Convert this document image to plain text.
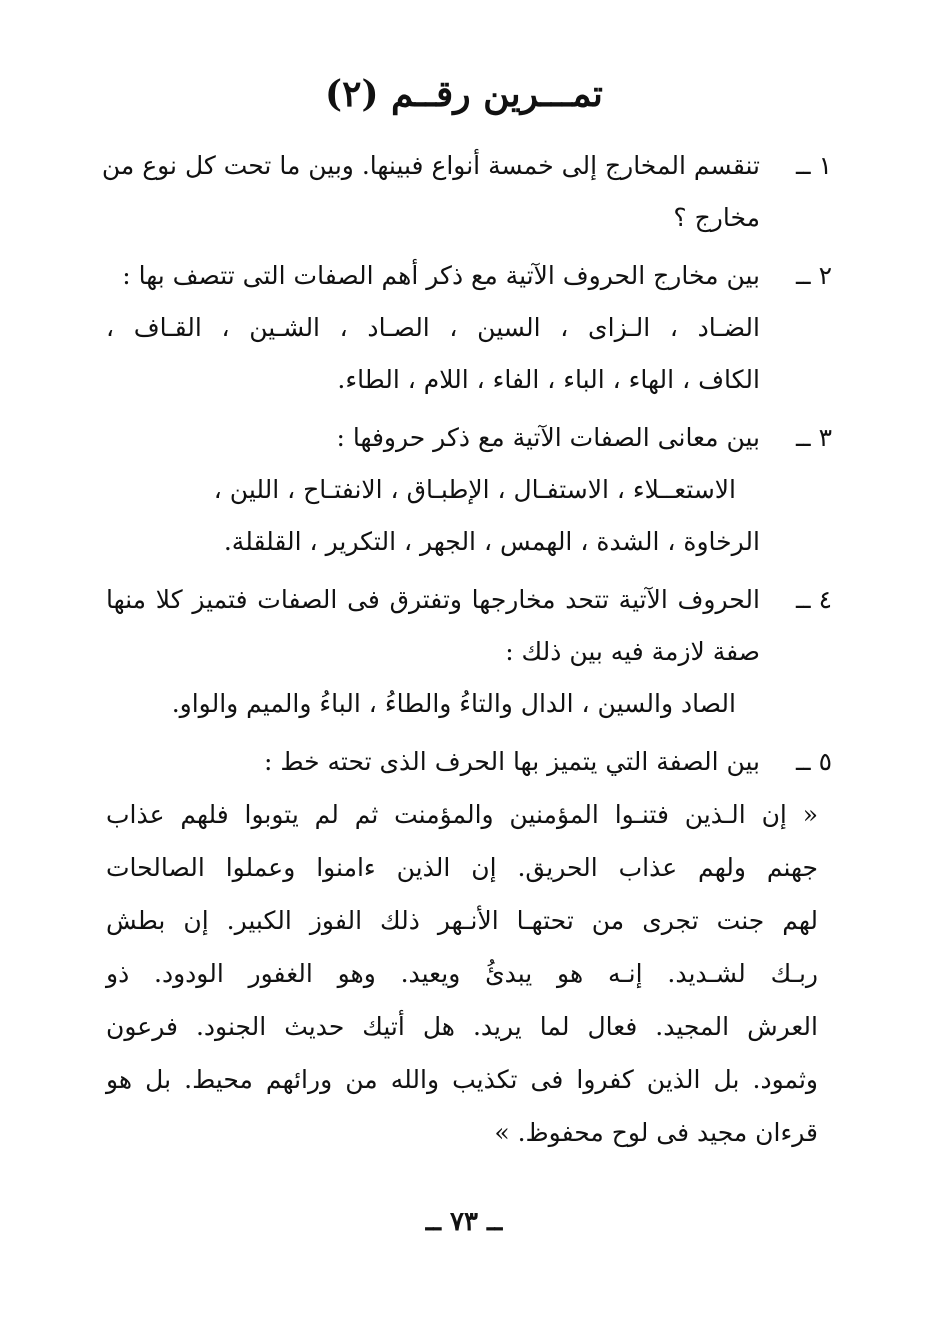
تمـــرين رقــم (٢)
١ ــ
تنقسم المخارج إلى خمسة أنواع فبينها. وبين ما تحت كل نوع من
مخارج ؟
٢ ــ
بين مخارج الحروف الآتية مع ذكر أهم الصفات التى تتصف بها :
الضـاد ، الـزاى ، السين ، الصـاد ، الشـين ، القـاف ،
الكاف ، الهاء ، الباء ، الفاء ، اللام ، الطاء.
٣ ــ
بين معانى الصفات الآتية مع ذكر حروفها :
الاستعــلاء ، الاستفـال ، الإطبـاق ، الانفتـاح ، اللين ،
الرخاوة ، الشدة ، الهمس ، الجهر ، التكرير ، القلقلة.
٤ ــ
الحروف الآتية تتحد مخارجها وتفترق فى الصفات فتميز كلا منها
صفة لازمة فيه بين ذلك :
الصاد والسين ، الدال والتاءُ والطاءُ ، الباءُ والميم والواو.
٥ ــ
بين الصفة التي يتميز بها الحرف الذى تحته خط :
« إن الـذين فتنـوا المؤمنين والمؤمنت ثم لم يتوبوا فلهم عذاب
جهنم ولهم عذاب الحريق. إن الذين ءامنوا وعملوا الصالحات
لهم جنت تجرى من تحتهـا الأنـهر ذلك الفوز الكبير. إن بطش
ربـك لشـديد. إنـه هو يبدئُ ويعيد. وهو الغفور الودود. ذو
العرش المجيد. فعال لما يريد. هل أتيك حديث الجنود. فرعون
وثمود. بل الذين كفروا فى تكذيب والله من ورائهم محيط. بل هو
قرءان مجيد فى لوح محفوظ. »
ــ ٧٣ ــ
